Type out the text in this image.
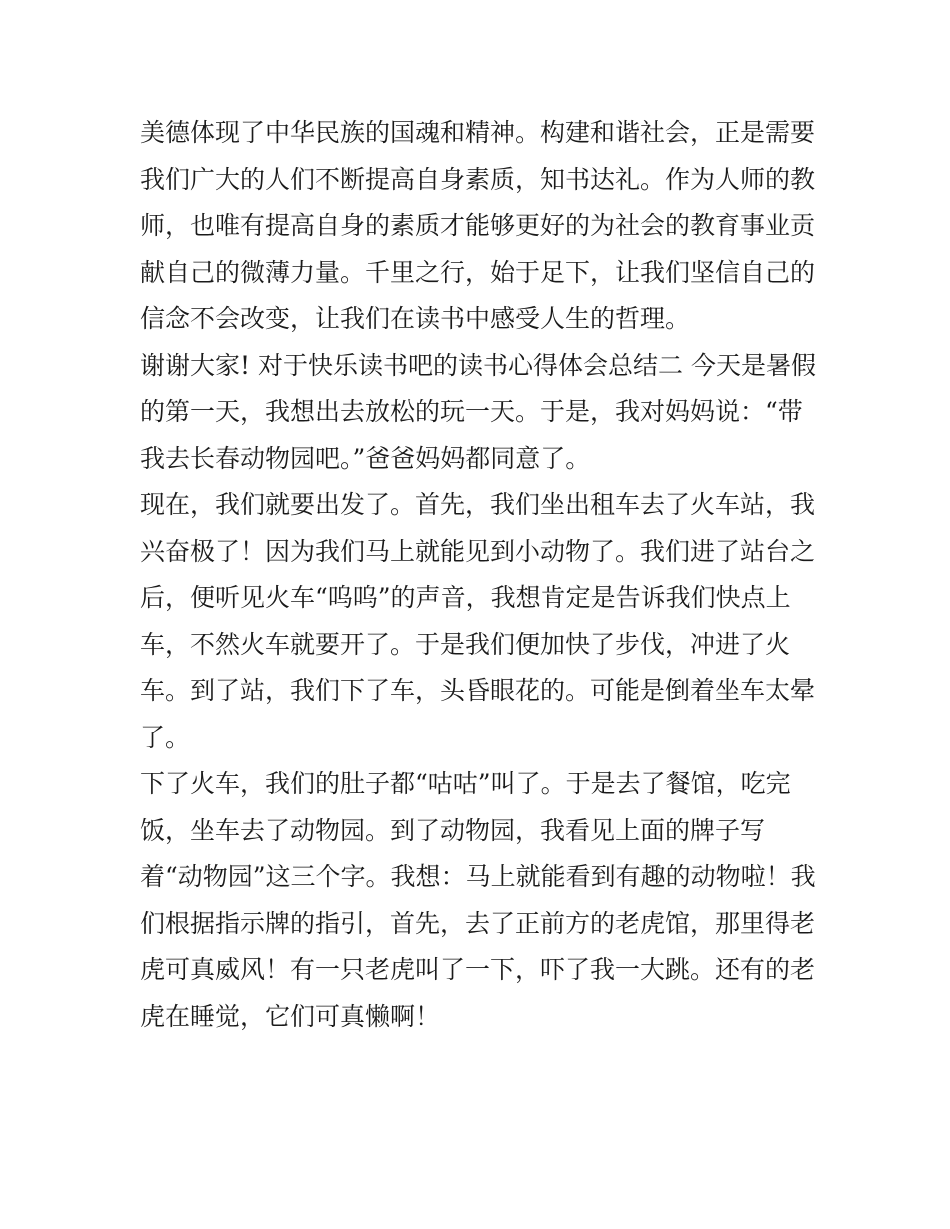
美德体现了中华民族的国魂和精神。构建和谐社会，正是需要
我们广大的人们不断提高自身素质，知书达礼。作为人师的教
师，也唯有提高自身的素质才能够更好的为社会的教育事业贡
献自己的微薄力量。千里之行，始于足下，让我们坚信自己的
信念不会改变，让我们在读书中感受人生的哲理。
谢谢大家! 对于快乐读书吧的读书心得体会总结二 今天是暑假
的第一天，我想出去放松的玩一天。于是，我对妈妈说：“带
我去长春动物园吧。”爸爸妈妈都同意了。
现在，我们就要出发了。首先，我们坐出租车去了火车站，我
兴奋极了！因为我们马上就能见到小动物了。我们进了站台之
后，便听见火车“呜呜”的声音，我想肯定是告诉我们快点上
车，不然火车就要开了。于是我们便加快了步伐，冲进了火
车。到了站，我们下了车，头昏眼花的。可能是倒着坐车太晕
了。
下了火车，我们的肚子都“咕咕”叫了。于是去了餐馆，吃完
饭，坐车去了动物园。到了动物园，我看见上面的牌子写
着“动物园”这三个字。我想：马上就能看到有趣的动物啦！我
们根据指示牌的指引，首先，去了正前方的老虎馆，那里得老
虎可真威风！有一只老虎叫了一下，吓了我一大跳。还有的老
虎在睡觉，它们可真懒啊！
